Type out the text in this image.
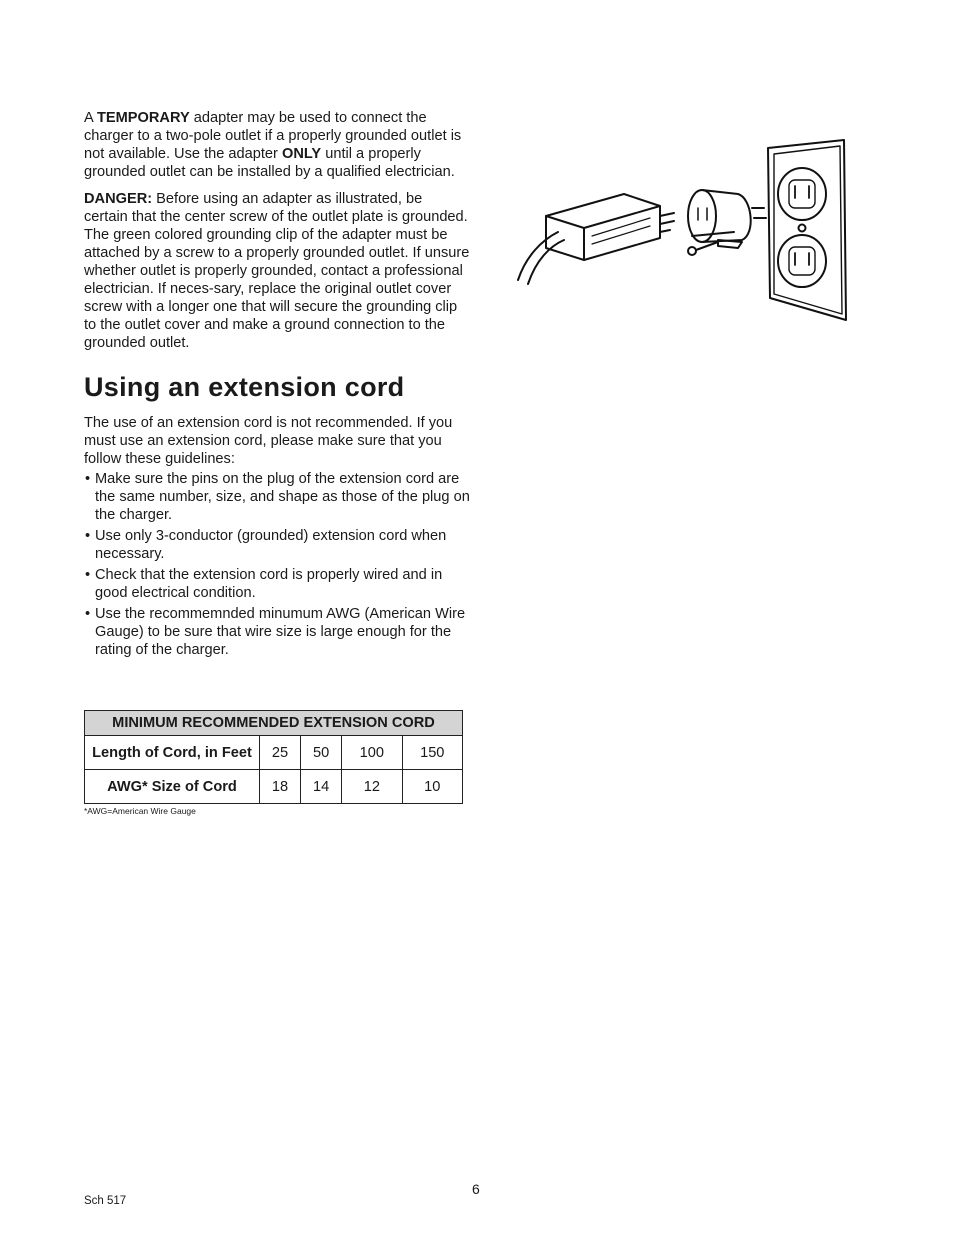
A TEMPORARY adapter may be used to connect the charger to a two-pole outlet if a properly grounded outlet is not available. Use the adapter ONLY until a properly grounded outlet can be installed by a qualified electrician.

DANGER: Before using an adapter as illustrated, be certain that the center screw of the outlet plate is grounded. The green colored grounding clip of the adapter must be attached by a screw to a properly grounded outlet. If unsure whether outlet is properly grounded, contact a professional electrician. If neces-sary, replace the original outlet cover screw with a longer one that will secure the grounding clip to the outlet cover and make a ground connection to the grounded outlet.

Using an extension cord

The use of an extension cord is not recommended. If you must use an extension cord, please make sure that you follow these guidelines:

• Make sure the pins on the plug of the extension cord are the same number, size, and shape as those of the plug on the charger.
• Use only 3-conductor (grounded) extension cord when necessary.
• Check that the extension cord is properly wired and in good electrical condition.
• Use the recommemnded minumum AWG (American Wire Gauge) to be sure that wire size is large enough for the rating of the charger.
MINIMUM RECOMMENDED EXTENSION CORD				
Length of Cord, in Feet	25	50	100	150
AWG* Size of Cord	18	14	12	10
*AWG=American Wire Gauge
6
Sch 517
